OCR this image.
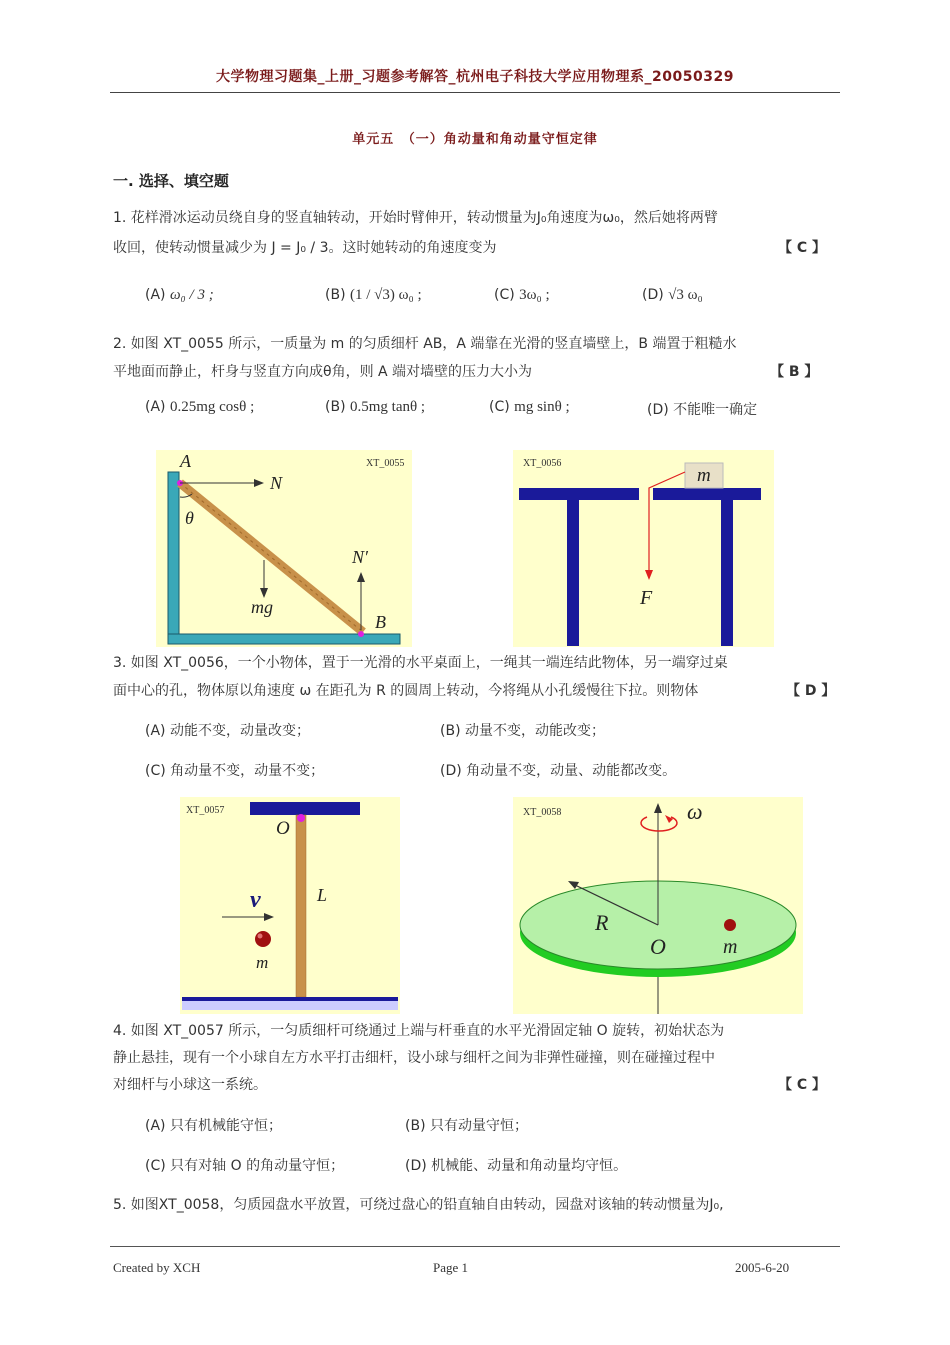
大学物理习题集_上册_习题参考解答_杭州电子科技大学应用物理系_20050329
单元五　（一）角动量和角动量守恒定律
一. 选择、填空题
1. 花样滑冰运动员绕自身的竖直轴转动，开始时臂伸开，转动惯量为J₀角速度为ω₀，然后她将两臂
收回，使转动惯量减少为 J = J₀ / 3。这时她转动的角速度变为	【 C 】
(A) ω₀ / 3 ;	(B) (1 / √3) ω₀ ;	(C) 3ω₀ ;	(D) √3 ω₀
2. 如图 XT_0055 所示，一质量为 m 的匀质细杆 AB，A 端靠在光滑的竖直墙壁上，B 端置于粗糙水
平地面而静止，杆身与竖直方向成θ角，则 A 端对墙壁的压力大小为	【 B 】
(A) 0.25mg cosθ ;	(B) 0.5mg tanθ ;	(C) mg sinθ ;	(D) 不能唯一确定
XT_0055
A
N
θ
N′
mg
B
XT_0056
m
F
3. 如图 XT_0056，一个小物体，置于一光滑的水平桌面上，一绳其一端连结此物体，另一端穿过桌
面中心的孔，物体原以角速度 ω 在距孔为 R 的圆周上转动，今将绳从小孔缓慢往下拉。则物体	【 D 】
(A) 动能不变，动量改变；	(B) 动量不变，动能改变；
(C) 角动量不变，动量不变；	(D) 角动量不变，动量、动能都改变。
XT_0057
O
L
v
m
XT_0058	ω
R
O	m
4. 如图 XT_0057 所示，一匀质细杆可绕通过上端与杆垂直的水平光滑固定轴 O 旋转，初始状态为
静止悬挂，现有一个小球自左方水平打击细杆，设小球与细杆之间为非弹性碰撞，则在碰撞过程中
对细杆与小球这一系统。	【 C 】
(A) 只有机械能守恒；	(B) 只有动量守恒；
(C) 只有对轴 O 的角动量守恒；	(D) 机械能、动量和角动量均守恒。
5. 如图XT_0058，匀质园盘水平放置，可绕过盘心的铅直轴自由转动，园盘对该轴的转动惯量为J₀,
Created by XCH	Page 1	2005-6-20
